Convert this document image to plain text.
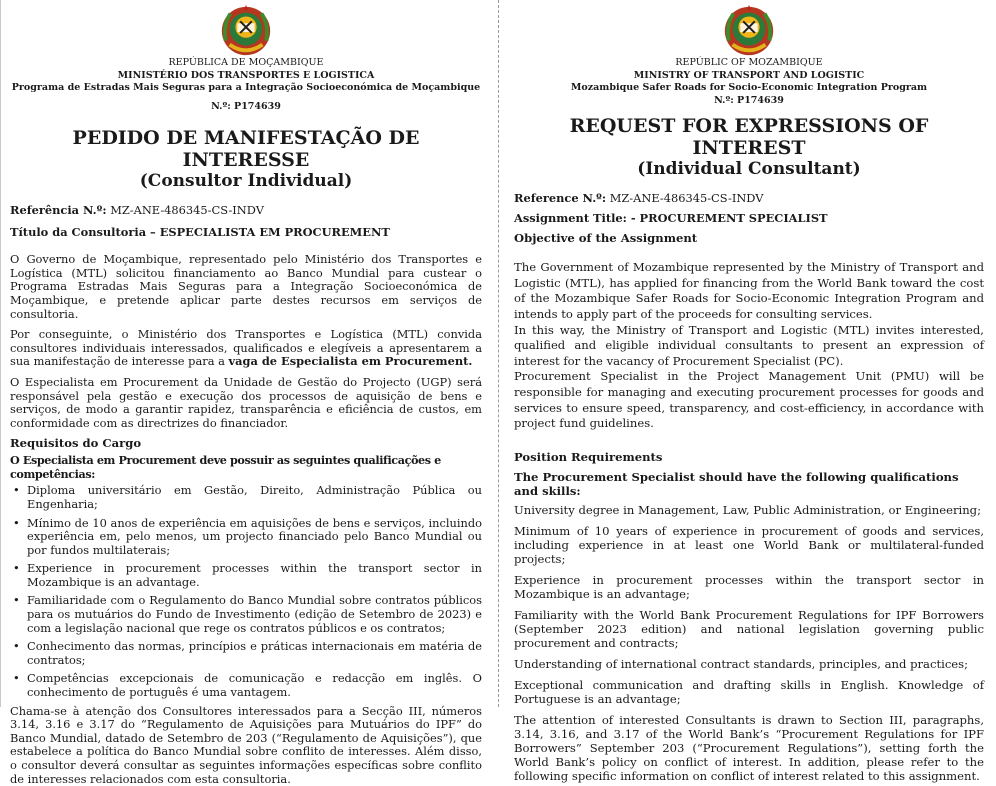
REPÚBLICA DE MOÇAMBIQUE
MINISTÉRIO DOS TRANSPORTES E LOGISTICA
Programa de Estradas Mais Seguras para a Integração Socioeconómica de Moçambique
N.º: P174639
PEDIDO DE MANIFESTAÇÃO DE INTERESSE
(Consultor Individual)

Referência N.º: MZ-ANE-486345-CS-INDV

Título da Consultoria – ESPECIALISTA EM PROCUREMENT

O Governo de Moçambique, representado pelo Ministério dos Transportes e Logística (MTL) solicitou financiamento ao Banco Mundial para custear o Programa Estradas Mais Seguras para a Integração Socioeconómica de Moçambique, e pretende aplicar parte destes recursos em serviços de consultoria.

Por conseguinte, o Ministério dos Transportes e Logística (MTL) convida consultores individuais interessados, qualificados e elegíveis a apresentarem a sua manifestação de interesse para a vaga de Especialista em Procurement.

O Especialista em Procurement da Unidade de Gestão do Projecto (UGP) será responsável pela gestão e execução dos processos de aquisição de bens e serviços, de modo a garantir rapidez, transparência e eficiência de custos, em conformidade com as directrizes do financiador.

Requisitos do Cargo
O Especialista em Procurement deve possuir as seguintes qualificações e competências:
• Diploma universitário em Gestão, Direito, Administração Pública ou Engenharia;
• Mínimo de 10 anos de experiência em aquisições de bens e serviços, incluindo experiência em, pelo menos, um projecto financiado pelo Banco Mundial ou por fundos multilaterais;
• Experience in procurement processes within the transport sector in Mozambique is an advantage.
• Familiaridade com o Regulamento do Banco Mundial sobre contratos públicos para os mutuários do Fundo de Investimento (edição de Setembro de 2023) e com a legislação nacional que rege os contratos públicos e os contratos;
• Conhecimento das normas, princípios e práticas internacionais em matéria de contratos;
• Competências excepcionais de comunicação e redacção em inglês. O conhecimento de português é uma vantagem.

Chama-se à atenção dos Consultores interessados para a Secção III, números 3.14, 3.16 e 3.17 do “Regulamento de Aquisições para Mutuários do IPF” do Banco Mundial, datado de Setembro de 203 (“Regulamento de Aquisições”), que estabelece a política do Banco Mundial sobre conflito de interesses. Além disso, o consultor deverá consultar as seguintes informações específicas sobre conflito de interesses relacionados com esta consultoria.

REPÚBLIC OF MOZAMBIQUE
MINISTRY OF TRANSPORT AND LOGISTIC
Mozambique Safer Roads for Socio-Economic Integration Program
N.º: P174639
REQUEST FOR EXPRESSIONS OF INTEREST
(Individual Consultant)

Reference N.º: MZ-ANE-486345-CS-INDV

Assignment Title: - PROCUREMENT SPECIALIST

Objective of the Assignment

The Government of Mozambique represented by the Ministry of Transport and Logistic (MTL), has applied for financing from the World Bank toward the cost of the Mozambique Safer Roads for Socio-Economic Integration Program and intends to apply part of the proceeds for consulting services.

In this way, the Ministry of Transport and Logistic (MTL) invites interested, qualified and eligible individual consultants to present an expression of interest for the vacancy of Procurement Specialist (PC).

Procurement Specialist in the Project Management Unit (PMU) will be responsible for managing and executing procurement processes for goods and services to ensure speed, transparency, and cost-efficiency, in accordance with project fund guidelines.

Position Requirements
The Procurement Specialist should have the following qualifications and skills:

University degree in Management, Law, Public Administration, or Engineering;

Minimum of 10 years of experience in procurement of goods and services, including experience in at least one World Bank or multilateral-funded projects;

Experience in procurement processes within the transport sector in Mozambique is an advantage;

Familiarity with the World Bank Procurement Regulations for IPF Borrowers (September 2023 edition) and national legislation governing public procurement and contracts;

Understanding of international contract standards, principles, and practices;

Exceptional communication and drafting skills in English. Knowledge of Portuguese is an advantage;

The attention of interested Consultants is drawn to Section III, paragraphs, 3.14, 3.16, and 3.17 of the World Bank’s “Procurement Regulations for IPF Borrowers” September 203 (“Procurement Regulations”), setting forth the World Bank’s policy on conflict of interest. In addition, please refer to the following specific information on conflict of interest related to this assignment.
